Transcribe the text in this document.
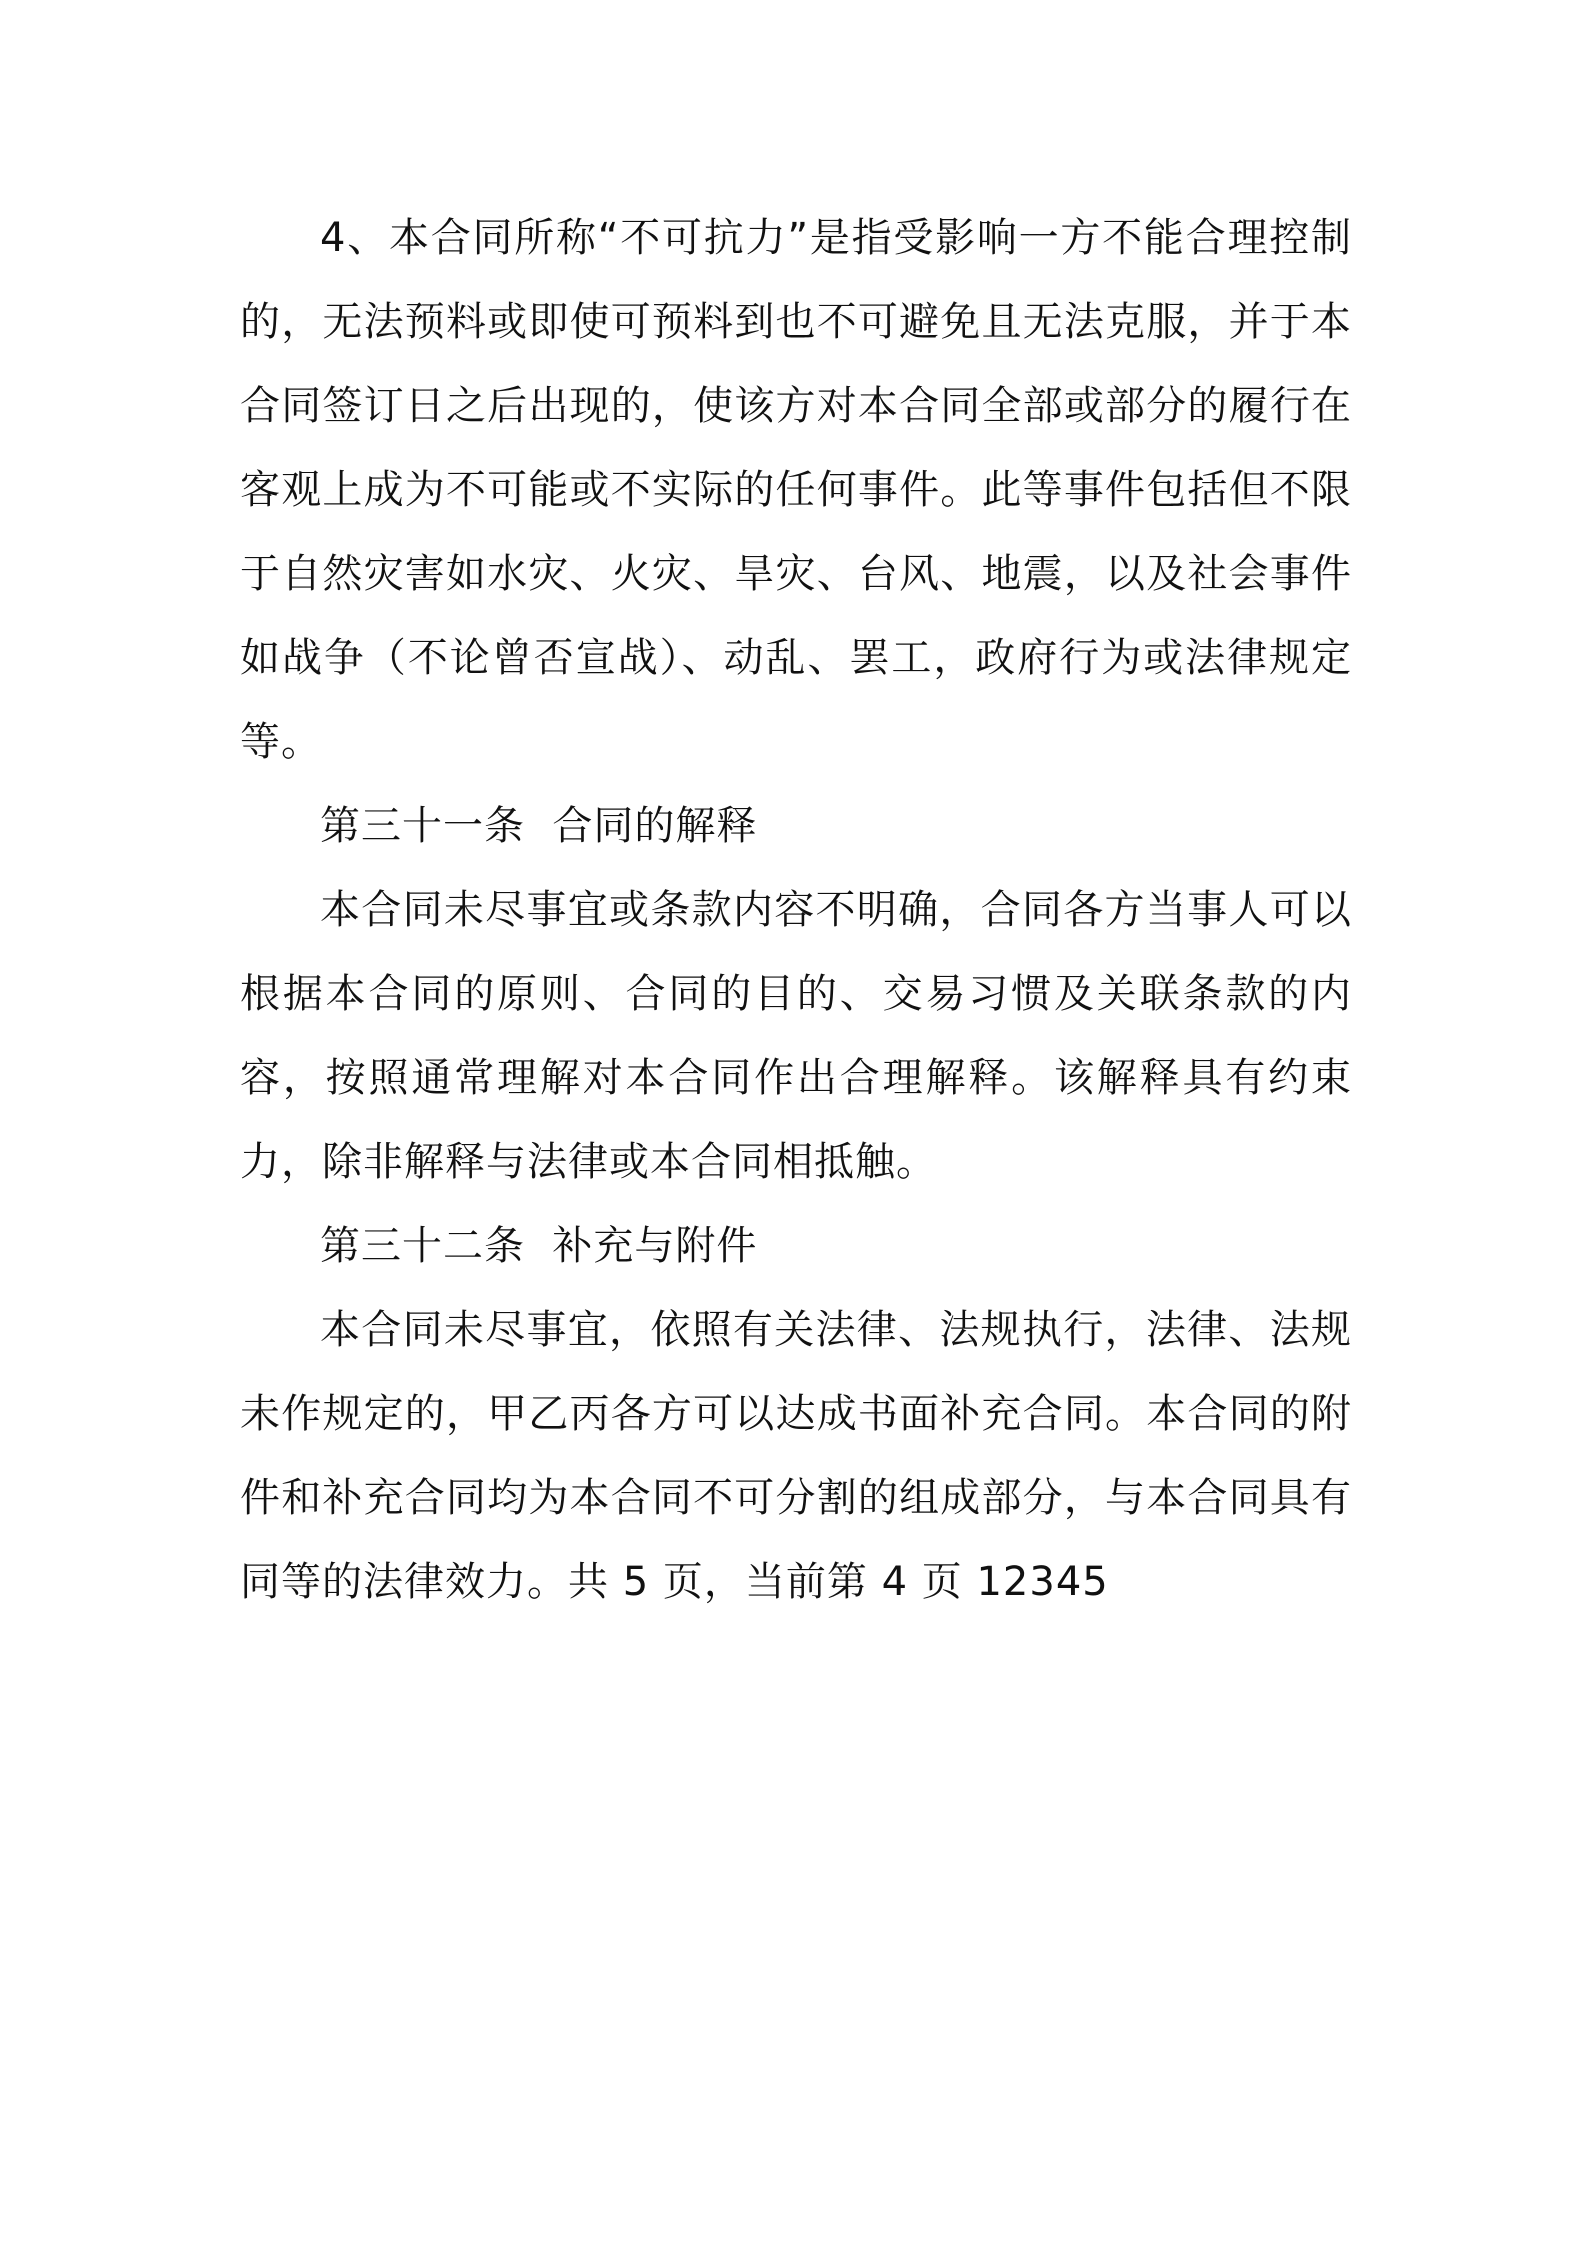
4、本合同所称“不可抗力”是指受影响一方不能合理控制的，无法预料或即使可预料到也不可避免且无法克服，并于本合同签订日之后出现的，使该方对本合同全部或部分的履行在客观上成为不可能或不实际的任何事件。此等事件包括但不限于自然灾害如水灾、火灾、旱灾、台风、地震，以及社会事件如战争（不论曾否宣战）、动乱、罢工，政府行为或法律规定等。

第三十一条  合同的解释

本合同未尽事宜或条款内容不明确，合同各方当事人可以根据本合同的原则、合同的目的、交易习惯及关联条款的内容，按照通常理解对本合同作出合理解释。该解释具有约束力，除非解释与法律或本合同相抵触。

第三十二条  补充与附件

本合同未尽事宜，依照有关法律、法规执行，法律、法规未作规定的，甲乙丙各方可以达成书面补充合同。本合同的附件和补充合同均为本合同不可分割的组成部分，与本合同具有同等的法律效力。共 5 页，当前第 4 页 12345
